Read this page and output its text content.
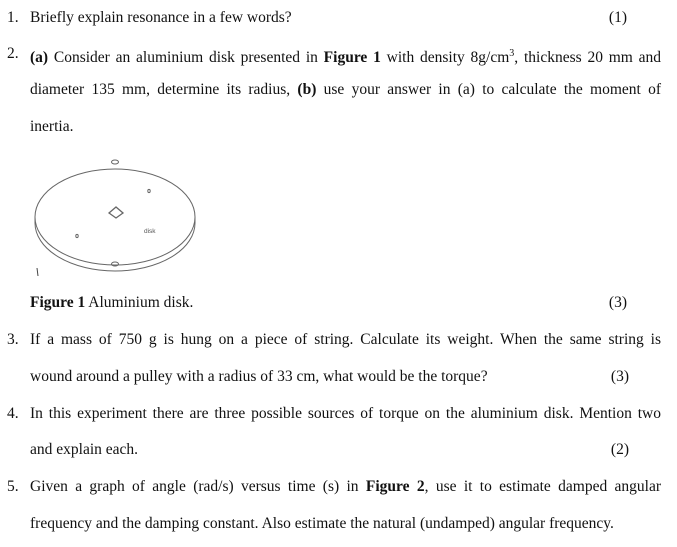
1. Briefly explain resonance in a few words?	(1)
2. (a) Consider an aluminium disk presented in Figure 1 with density $8g/cm^3$, thickness 20 mm and
diameter 135 mm, determine its radius, (b) use your answer in (a) to calculate the moment of
inertia.
disk
Figure 1 Aluminium disk.	(3)
3. If a mass of 750 g is hung on a piece of string. Calculate its weight. When the same string is
wound around a pulley with a radius of 33 cm, what would be the torque?	(3)
4. In this experiment there are three possible sources of torque on the aluminium disk. Mention two
and explain each.	(2)
5. Given a graph of angle (rad/s) versus time (s) in Figure 2, use it to estimate damped angular
frequency and the damping constant. Also estimate the natural (undamped) angular frequency.
